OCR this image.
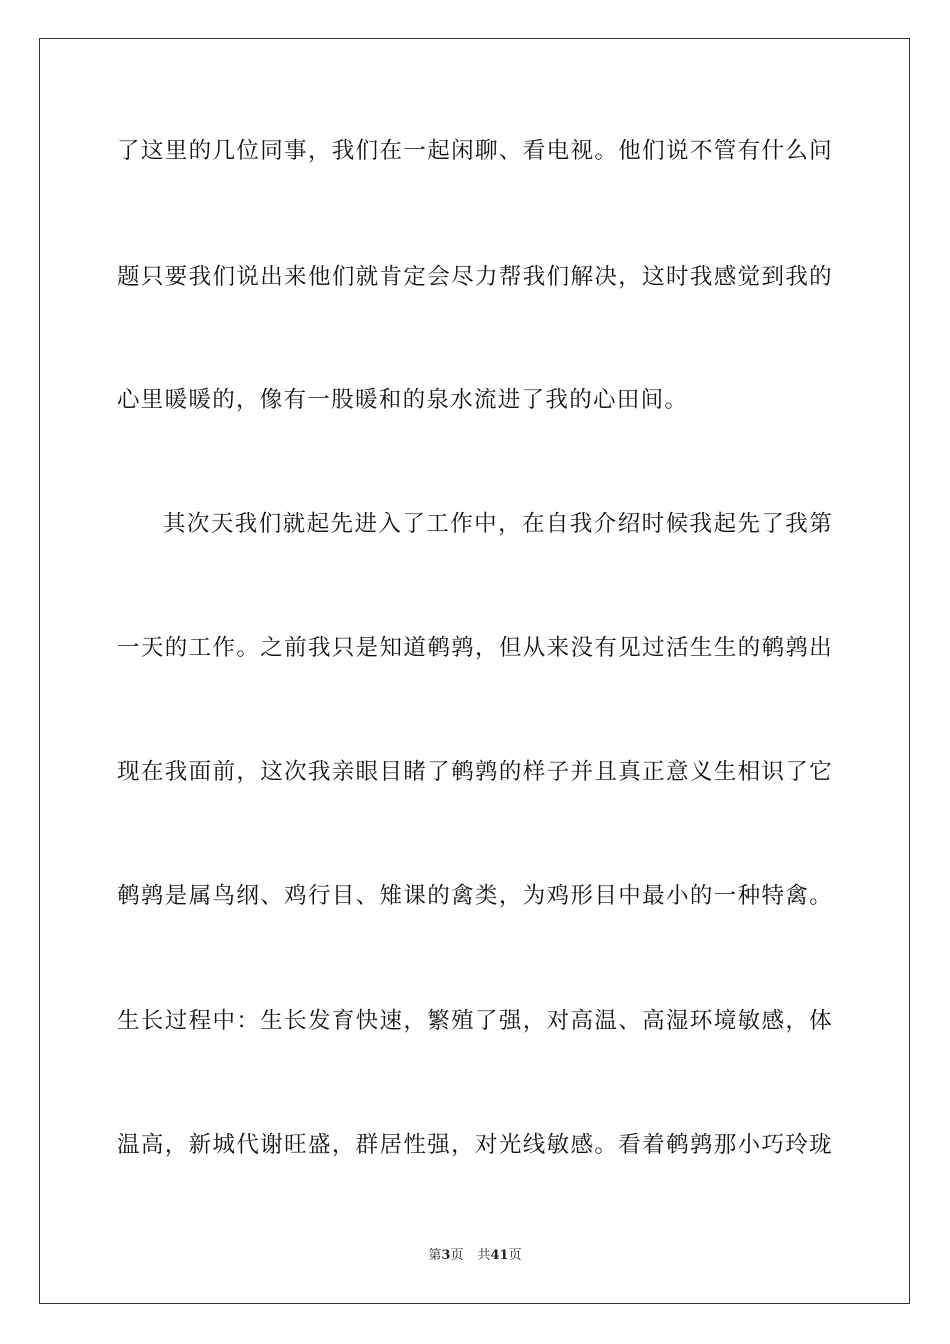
了这里的几位同事，我们在一起闲聊、看电视。他们说不管有什么问
题只要我们说出来他们就肯定会尽力帮我们解决，这时我感觉到我的
心里暖暖的，像有一股暖和的泉水流进了我的心田间。
其次天我们就起先进入了工作中，在自我介绍时候我起先了我第
一天的工作。之前我只是知道鹌鹑，但从来没有见过活生生的鹌鹑出
现在我面前，这次我亲眼目睹了鹌鹑的样子并且真正意义生相识了它
鹌鹑是属鸟纲、鸡行目、雉课的禽类，为鸡形目中最小的一种特禽。
生长过程中：生长发育快速，繁殖了强，对高温、高湿环境敏感，体
温高，新城代谢旺盛，群居性强，对光线敏感。看着鹌鹑那小巧玲珑
第3页 共41页
